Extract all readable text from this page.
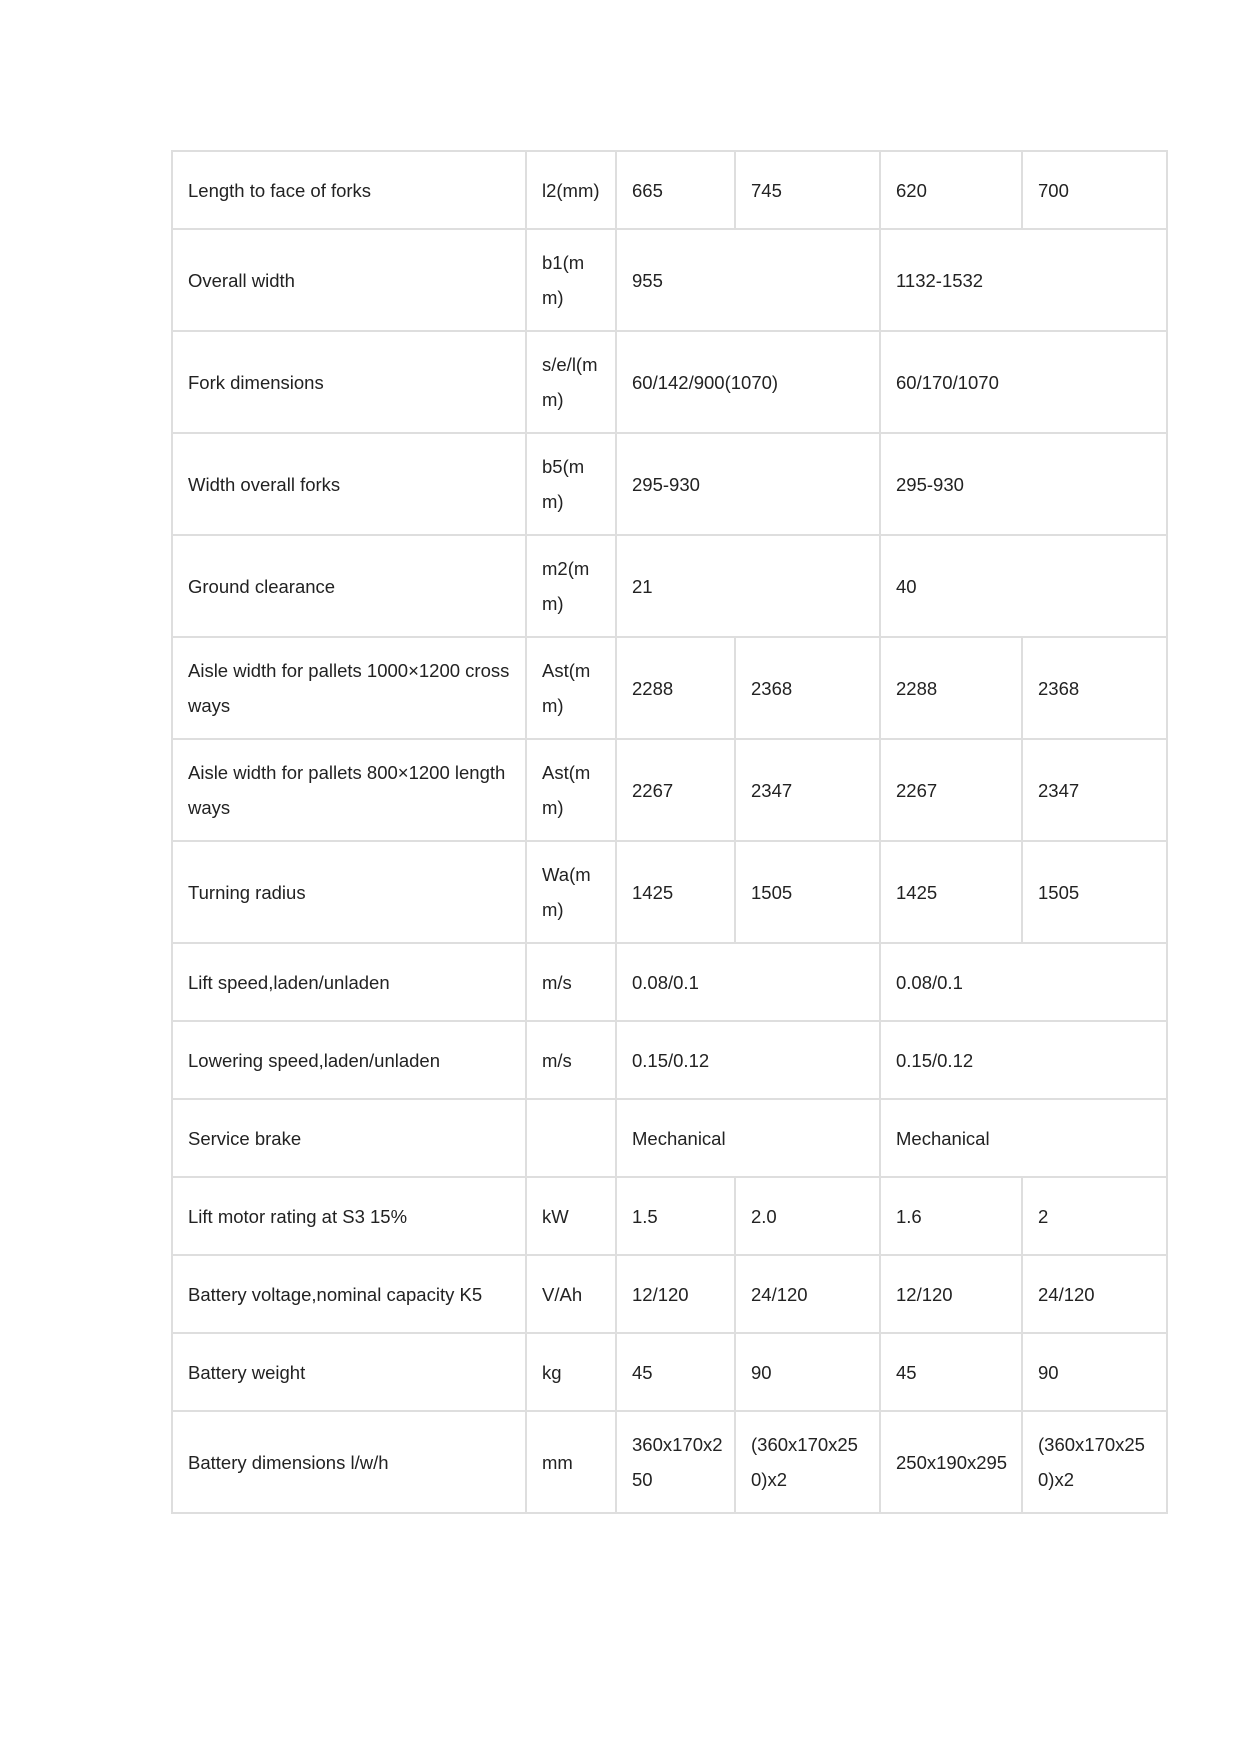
Length to face of forks	l2(mm)	665	745	620	700
Overall width	b1(mm)	955		1132-1532	
Fork dimensions	s/e/l(mm)	60/142/900(1070)		60/170/1070	
Width overall forks	b5(mm)	295-930		295-930	
Ground clearance	m2(mm)	21		40	
Aisle width for pallets 1000×1200 crossways	Ast(mm)	2288	2368	2288	2368
Aisle width for pallets 800×1200 lengthways	Ast(mm)	2267	2347	2267	2347
Turning radius	Wa(mm)	1425	1505	1425	1505
Lift speed,laden/unladen	m/s	0.08/0.1		0.08/0.1	
Lowering speed,laden/unladen	m/s	0.15/0.12		0.15/0.12	
Service brake		Mechanical		Mechanical	
Lift motor rating at S3 15%	kW	1.5	2.0	1.6	2
Battery voltage,nominal capacity K5	V/Ah	12/120	24/120	12/120	24/120
Battery weight	kg	45	90	45	90
Battery dimensions l/w/h	mm	360x170x250	(360x170x250)x2	250x190x295	(360x170x250)x2
